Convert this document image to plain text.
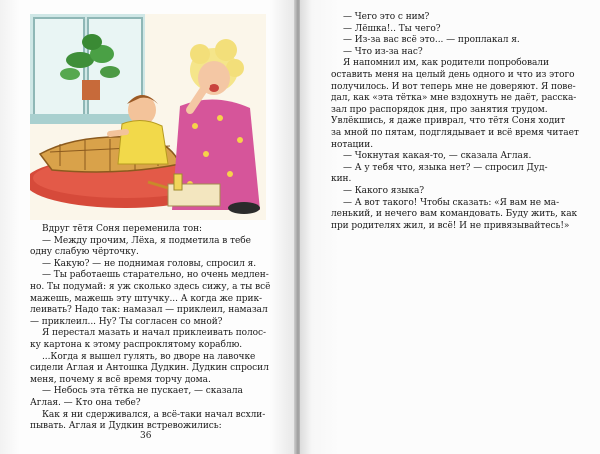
Вдруг тётя Соня переменила тон:

— Между прочим, Лёха, я подметила в тебе

одну слабую чёрточку.

— Какую? — не поднимая головы, спросил я.

— Ты работаешь старательно, но очень медлен-

но. Ты подумай: я уж сколько здесь сижу, а ты всё

мажешь, мажешь эту штучку... А когда же прик-

леивать? Надо так: намазал — приклеил, намазал

— приклеил... Ну? Ты согласен со мной?

Я перестал мазать и начал приклеивать полос-

ку картона к этому распроклятому кораблю.

...Когда я вышел гулять, во дворе на лавочке

сидели Аглая и Антошка Дудкин. Дудкин спросил

меня, почему я всё время торчу дома.

— Небось эта тётка не пускает, — сказала

Аглая. — Кто она тебе?

Как я ни сдерживался, а всё-таки начал всхли-

пывать. Аглая и Дудкин встревожились:

36

— Чего это с ним?

— Лёшка!.. Ты чего?

— Из-за вас всё это... — проплакал я.

— Что из-за нас?

Я напомнил им, как родители попробовали

оставить меня на целый день одного и что из этого

получилось. И вот теперь мне не доверяют. Я пове-

дал, как «эта тётка» мне вздохнуть не даёт, расска-

зал про распорядок дня, про занятия трудом.

Увлёкшись, я даже приврал, что тётя Соня ходит

за мной по пятам, подглядывает и всё время читает

нотации.

— Чокнутая какая-то, — сказала Аглая.

— А у тебя что, языка нет? — спросил Дуд-

кин.

— Какого языка?

— А вот такого! Чтобы сказать: «Я вам не ма-

ленький, и нечего вам командовать. Буду жить, как

при родителях жил, и всё! И не привязывайтесь!»
